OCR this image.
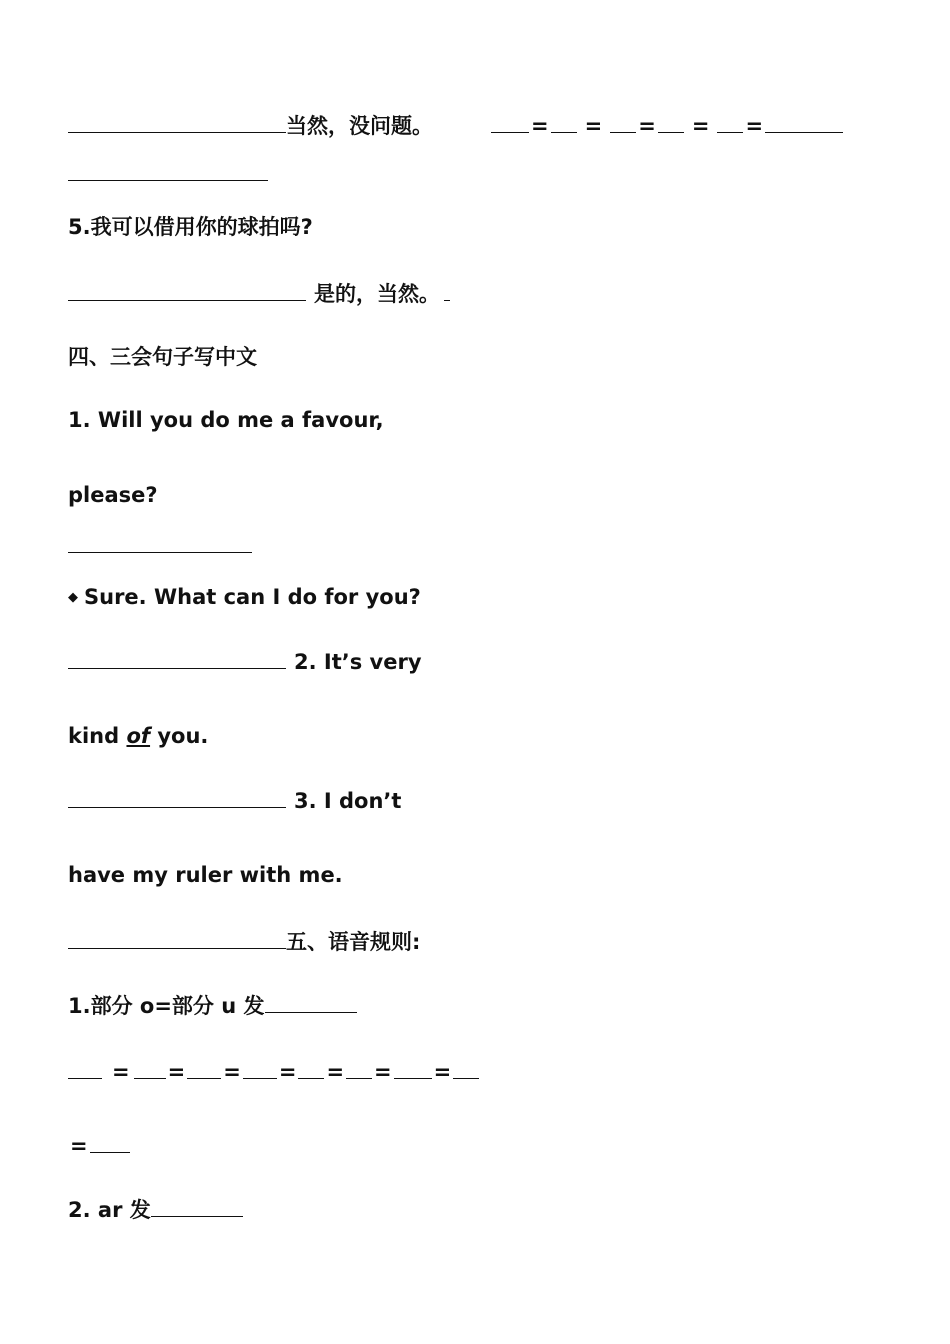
当然，没问题。	= = = = =
5.我可以借用你的球拍吗?
是的，当然。
四、三会句子写中文
1. Will you do me a favour,
please?
◆ Sure. What can I do for you?
2. It’s very
kind of you.
3. I don’t
have my ruler with me.
五、语音规则:
1.部分 o=部分 u 发
= = = = = = =
=
2. ar 发
